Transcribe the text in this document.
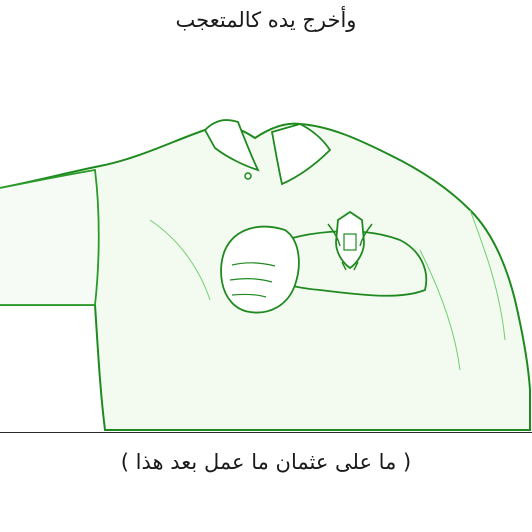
وأخرج يده كالمتعجب
( ما على عثمان ما عمل بعد هذا )
